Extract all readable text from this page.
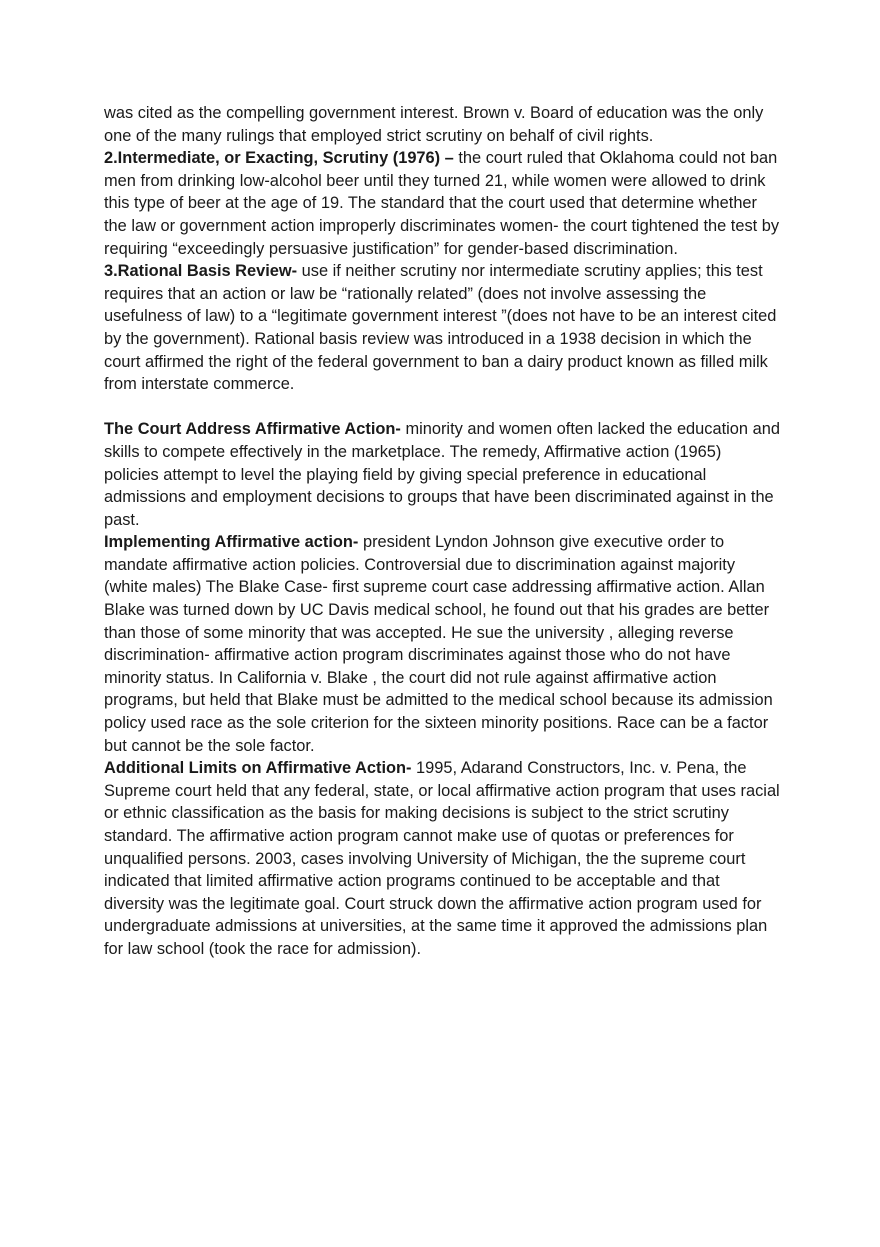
was cited as the compelling government interest. Brown v. Board of education was the only one of the many rulings that employed strict scrutiny on behalf of civil rights.

2.Intermediate, or Exacting, Scrutiny (1976) – the court ruled that Oklahoma could not ban men from drinking low-alcohol beer until they turned 21, while women were allowed to drink this type of beer at the age of 19. The standard that the court used that determine whether the law or government action improperly discriminates women- the court tightened the test by requiring “exceedingly persuasive justification” for gender-based discrimination.

3.Rational Basis Review- use if neither scrutiny nor intermediate scrutiny applies; this test requires that an action or law be “rationally related” (does not involve assessing the usefulness of law) to a “legitimate government interest ”(does not have to be an interest cited by the government). Rational basis review was introduced in a 1938 decision in which the court affirmed the right of the federal government to ban a dairy product known as filled milk from interstate commerce.

The Court Address Affirmative Action- minority and women often lacked the education and skills to compete effectively in the marketplace. The remedy, Affirmative action (1965) policies attempt to level the playing field by giving special preference in educational admissions and employment decisions to groups that have been discriminated against in the past.

Implementing Affirmative action- president Lyndon Johnson give executive order to mandate affirmative action policies. Controversial due to discrimination against majority (white males) The Blake Case- first supreme court case addressing affirmative action. Allan Blake was turned down by UC Davis medical school, he found out that his grades are better than those of some minority that was accepted. He sue the university , alleging reverse discrimination- affirmative action program discriminates against those who do not have minority status. In California v. Blake , the court did not rule against affirmative action programs, but held that Blake must be admitted to the medical school because its admission policy used race as the sole criterion for the sixteen minority positions. Race can be a factor but cannot be the sole factor.

Additional Limits on Affirmative Action- 1995, Adarand Constructors, Inc. v. Pena, the Supreme court held that any federal, state, or local affirmative action program that uses racial or ethnic classification as the basis for making decisions is subject to the strict scrutiny standard. The affirmative action program cannot make use of quotas or preferences for unqualified persons. 2003, cases involving University of Michigan, the the supreme court indicated that limited affirmative action programs continued to be acceptable and that diversity was the legitimate goal. Court struck down the affirmative action program used for undergraduate admissions at universities, at the same time it approved the admissions plan for law school (took the race for admission).
